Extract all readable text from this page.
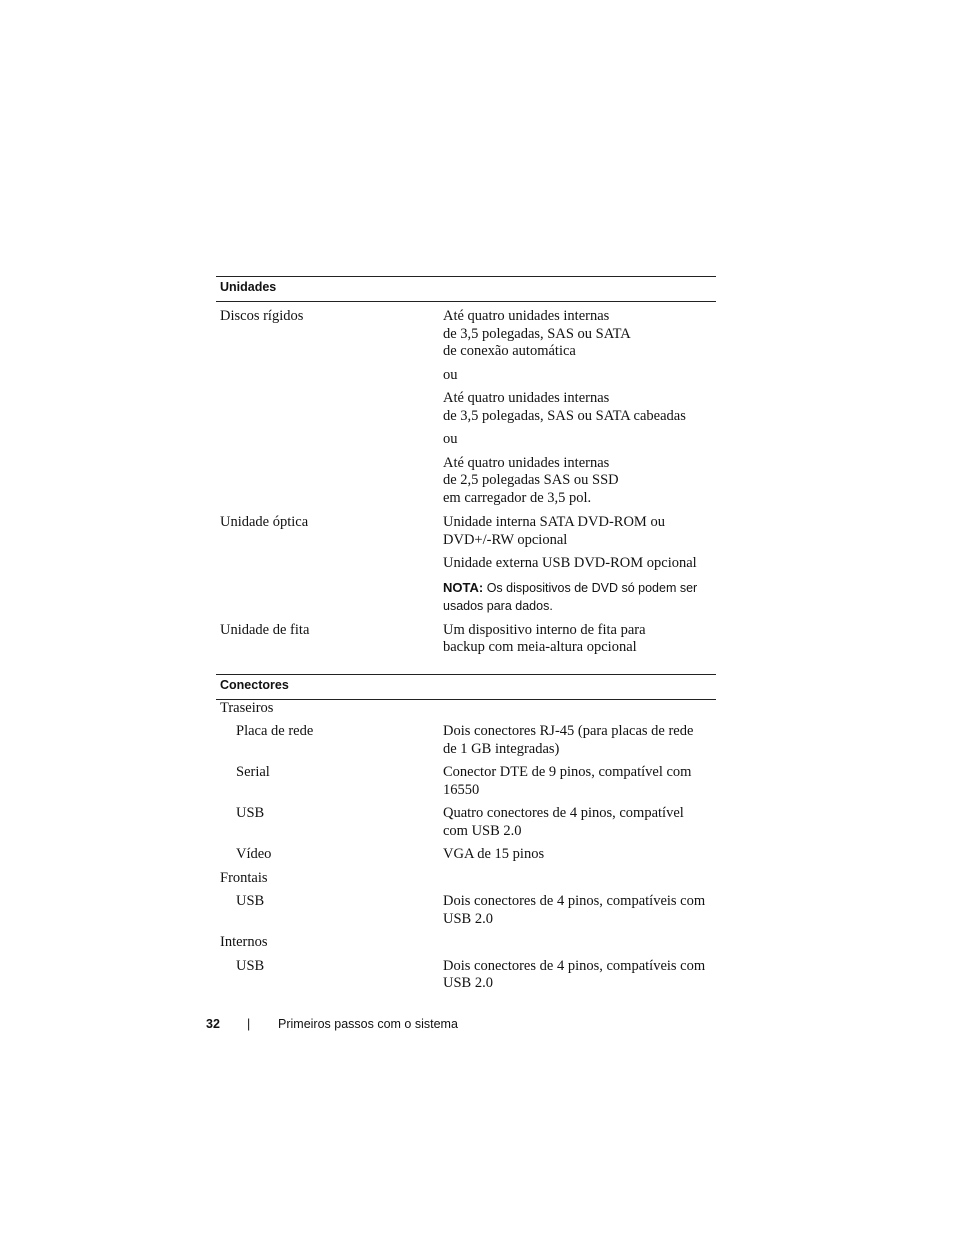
Unidades
Discos rígidos	Até quatro unidades internas
de 3,5 polegadas, SAS ou SATA
de conexão automática
ou
Até quatro unidades internas
de 3,5 polegadas, SAS ou SATA cabeadas
ou
Até quatro unidades internas
de 2,5 polegadas SAS ou SSD
em carregador de 3,5 pol.
Unidade óptica	Unidade interna SATA DVD-ROM ou
DVD+/-RW opcional
Unidade externa USB DVD-ROM opcional
NOTA: Os dispositivos de DVD só podem ser
usados para dados.
Unidade de fita	Um dispositivo interno de fita para
backup com meia-altura opcional
Conectores
Traseiros
Placa de rede	Dois conectores RJ-45 (para placas de rede
de 1 GB integradas)
Serial	Conector DTE de 9 pinos, compatível com
16550
USB	Quatro conectores de 4 pinos, compatível
com USB 2.0
Vídeo	VGA de 15 pinos
Frontais
USB	Dois conectores de 4 pinos, compatíveis com
USB 2.0
Internos
USB	Dois conectores de 4 pinos, compatíveis com
USB 2.0
32 | Primeiros passos com o sistema
